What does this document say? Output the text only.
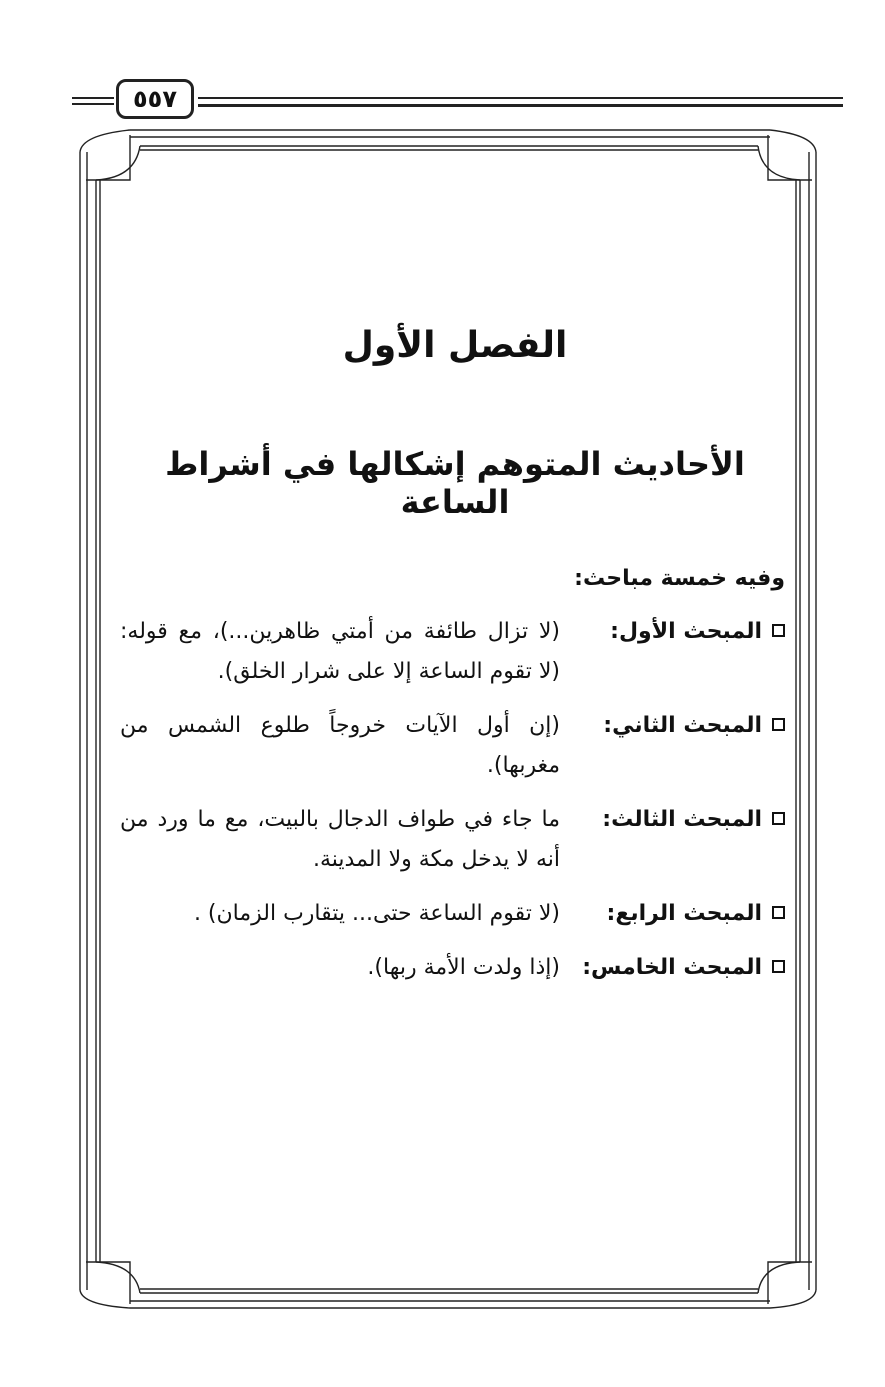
٥٥٧
الفصل الأول
الأحاديث المتوهم إشكالها في أشراط الساعة
وفيه خمسة مباحث:
المبحث الأول:
(لا تزال طائفة من أمتي ظاهرين...)، مع قوله: (لا تقوم الساعة إلا على شرار الخلق).
المبحث الثاني:
(إن أول الآيات خروجاً طلوع الشمس من مغربها).
المبحث الثالث:
ما جاء في طواف الدجال بالبيت، مع ما ورد من أنه لا يدخل مكة ولا المدينة.
المبحث الرابع:
(لا تقوم الساعة حتى... يتقارب الزمان) .
المبحث الخامس:
(إذا ولدت الأمة ربها).
